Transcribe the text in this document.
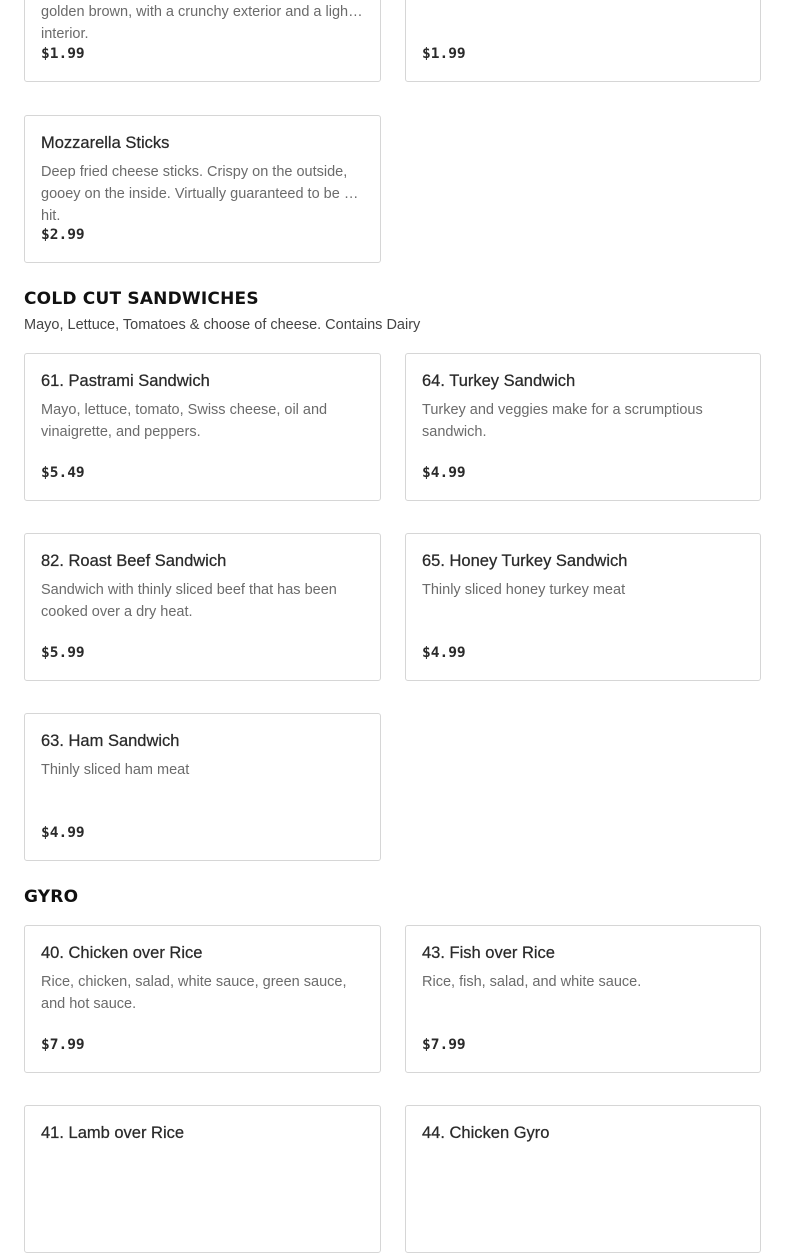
golden brown, with a crunchy exterior and a light interior.
$1.99	$1.99
Mozzarella Sticks
Deep fried cheese sticks. Crispy on the outside, gooey on the inside. Virtually guaranteed to be a hit.
$2.99
COLD CUT SANDWICHES
Mayo, Lettuce, Tomatoes & choose of cheese. Contains Dairy
61. Pastrami Sandwich
Mayo, lettuce, tomato, Swiss cheese, oil and vinaigrette, and peppers.
$5.49
64. Turkey Sandwich
Turkey and veggies make for a scrumptious sandwich.
$4.99
82. Roast Beef Sandwich
Sandwich with thinly sliced beef that has been cooked over a dry heat.
$5.99
65. Honey Turkey Sandwich
Thinly sliced honey turkey meat
$4.99
63. Ham Sandwich
Thinly sliced ham meat
$4.99
GYRO
40. Chicken over Rice
Rice, chicken, salad, white sauce, green sauce, and hot sauce.
$7.99
43. Fish over Rice
Rice, fish, salad, and white sauce.
$7.99
41. Lamb over Rice	44. Chicken Gyro
